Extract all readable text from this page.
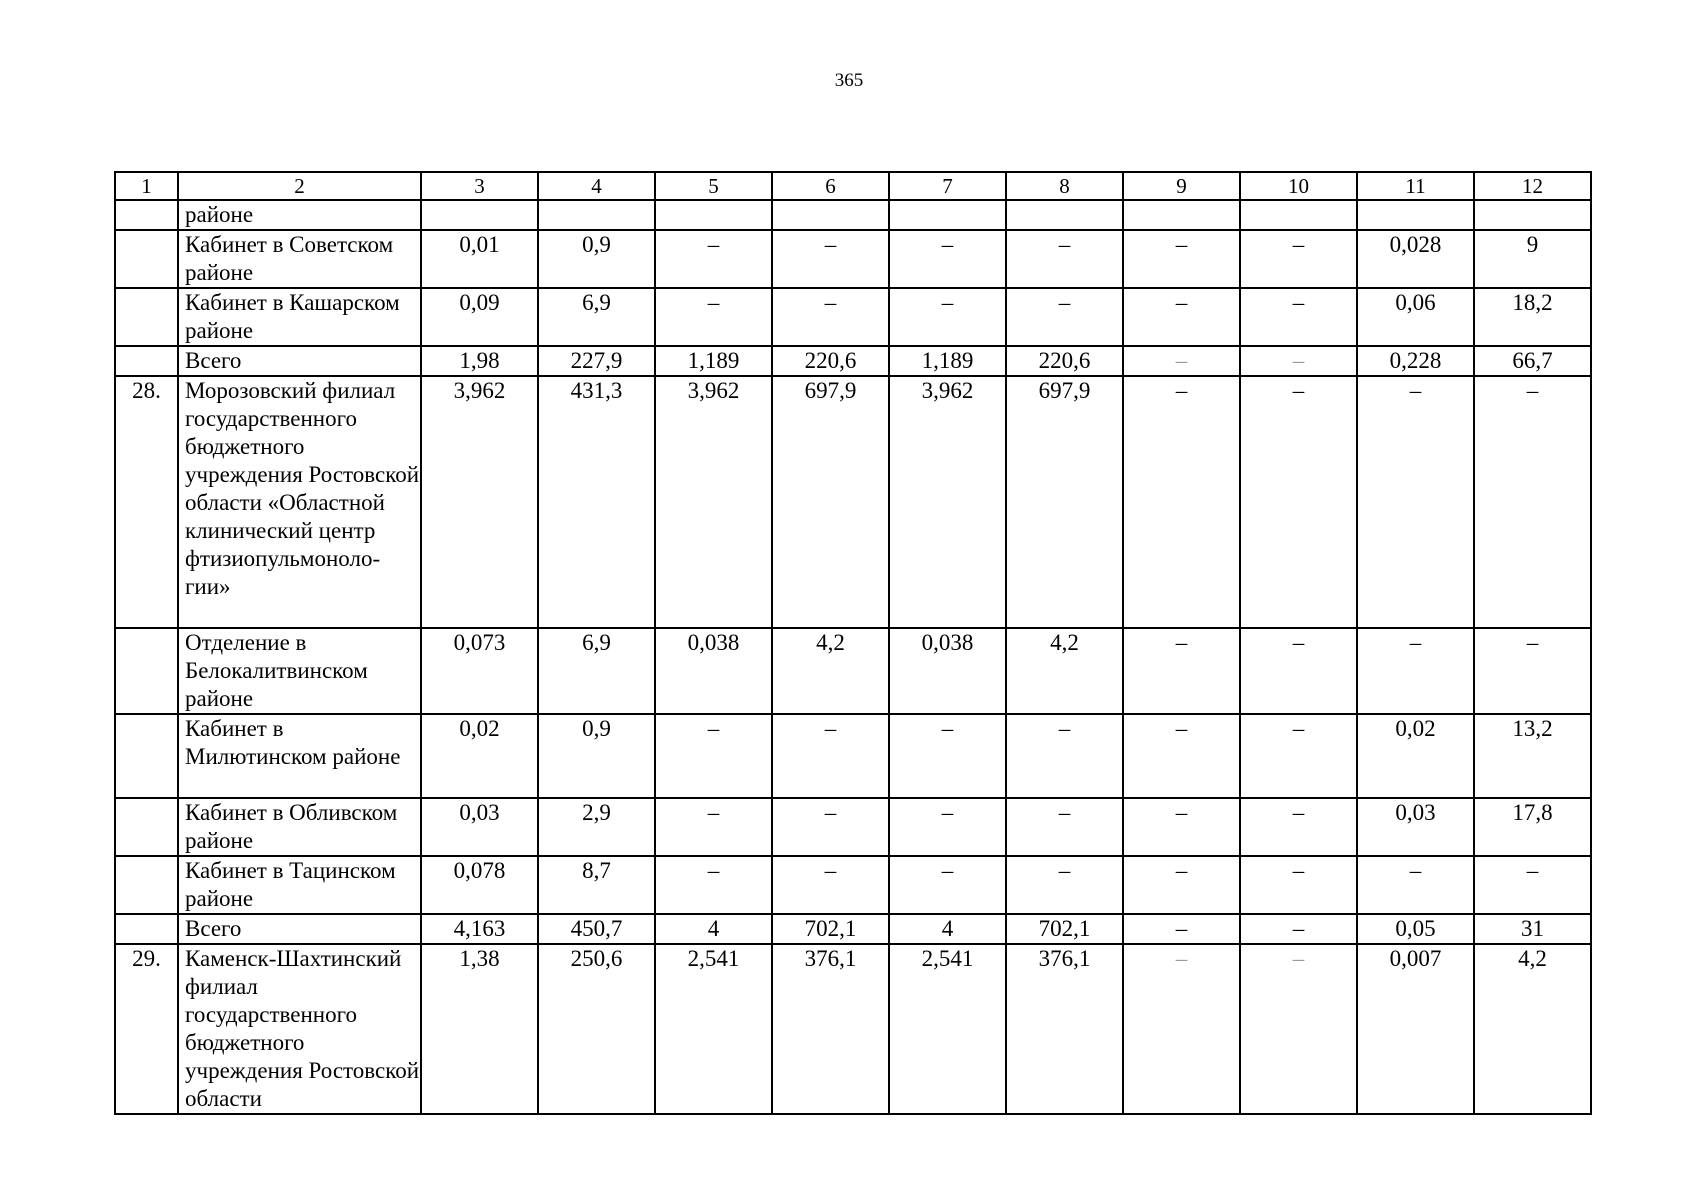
365
1	2	3	4	5	6	7	8	9	10	11	12
	районе										
	Кабинет в Советском районе	0,01	0,9	–	–	–	–	–	–	0,028	9
	Кабинет в Кашарском районе	0,09	6,9	–	–	–	–	–	–	0,06	18,2
	Всего	1,98	227,9	1,189	220,6	1,189	220,6	–	–	0,228	66,7
28.	Морозовский филиал государственного бюджетного учреждения Ростовской области «Областной клинический центр фтизиопульмоноло-гии»	3,962	431,3	3,962	697,9	3,962	697,9	–	–	–	–
	Отделение в Белокалитвинском районе	0,073	6,9	0,038	4,2	0,038	4,2	–	–	–	–
	Кабинет в Милютинском районе	0,02	0,9	–	–	–	–	–	–	0,02	13,2
	Кабинет в Обливском районе	0,03	2,9	–	–	–	–	–	–	0,03	17,8
	Кабинет в Тацинском районе	0,078	8,7	–	–	–	–	–	–	–	–
	Всего	4,163	450,7	4	702,1	4	702,1	–	–	0,05	31
29.	Каменск-Шахтинский филиал государственного бюджетного учреждения Ростовской области	1,38	250,6	2,541	376,1	2,541	376,1	–	–	0,007	4,2
